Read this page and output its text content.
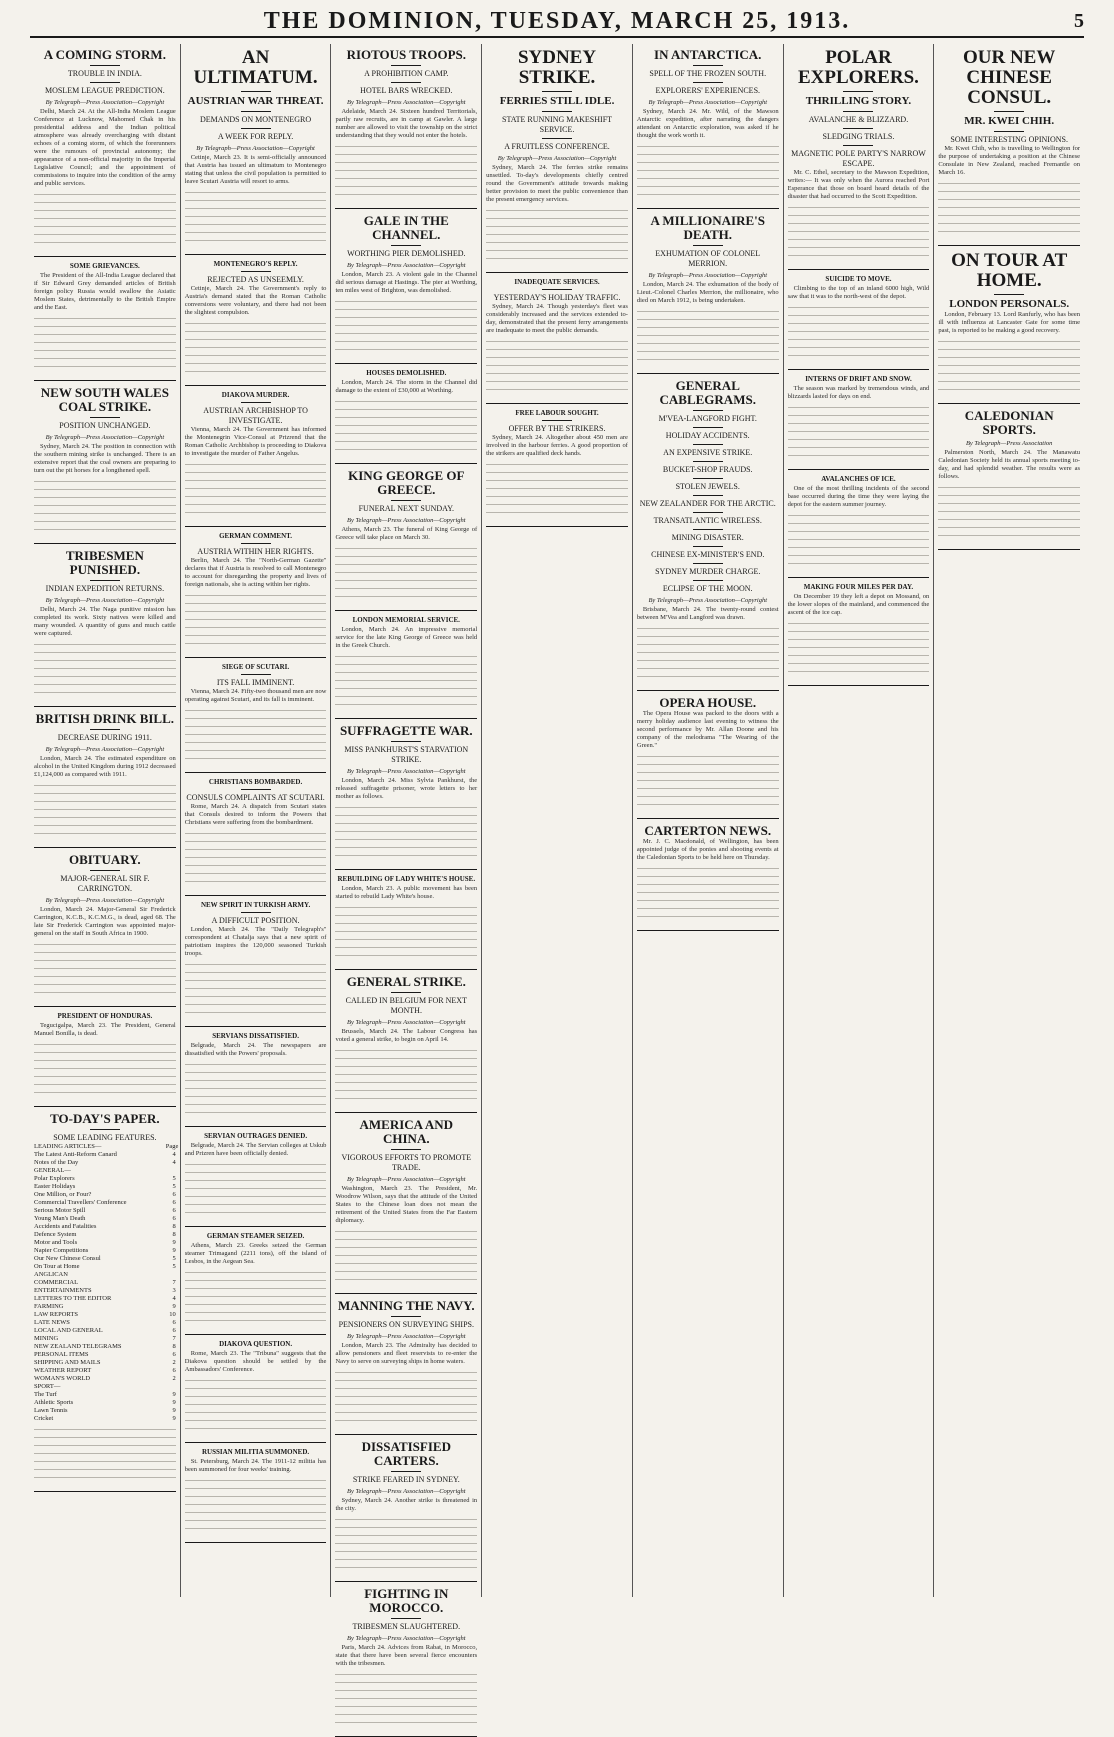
THE DOMINION, TUESDAY, MARCH 25, 1913.	5
A COMING STORM.
TROUBLE IN INDIA.
MOSLEM LEAGUE PREDICTION.
By Telegraph—Press Association—Copyright

Delhi, March 24. At the All-India Moslem League Conference at Lucknow, Mahomed Chak in his presidential address and the Indian political atmosphere was already overcharging with distant echoes of a coming storm, of which the forerunners were the rumours of provincial autonomy; the appearance of a non-official majority in the Imperial Legislative Council; and the appointment of commissions to inquire into the condition of the army and public services.

SOME GRIEVANCES.

The President of the All-India League declared that if Sir Edward Grey demanded articles of British foreign policy Russia would swallow the Asiatic Moslem States, detrimentally to the British Empire and the East.

NEW SOUTH WALES COAL STRIKE.
POSITION UNCHANGED.
By Telegraph—Press Association—Copyright

Sydney, March 24. The position in connection with the southern mining strike is unchanged. There is an extensive report that the coal owners are preparing to turn out the pit horses for a longthened spell.

TRIBESMEN PUNISHED.
INDIAN EXPEDITION RETURNS.
By Telegraph—Press Association—Copyright

Delhi, March 24. The Naga punitive mission has completed its work. Sixty natives were killed and many wounded. A quantity of guns and much cattle were captured.

BRITISH DRINK BILL.
DECREASE DURING 1911.
By Telegraph—Press Association—Copyright

London, March 24. The estimated expenditure on alcohol in the United Kingdom during 1912 decreased £1,124,000 as compared with 1911.

OBITUARY.
MAJOR-GENERAL SIR F. CARRINGTON.
By Telegraph—Press Association—Copyright

London, March 24. Major-General Sir Frederick Carrington, K.C.B., K.C.M.G., is dead, aged 68. The late Sir Frederick Carrington was appointed major-general on the staff in South Africa in 1900.

PRESIDENT OF HONDURAS.

Tegucigalpa, March 23. The President, General Manuel Bonilla, is dead.

TO-DAY'S PAPER.
SOME LEADING FEATURES.
LEADING ARTICLES—	Page
The Latest Anti-Reform Canard	4
Notes of the Day	4
GENERAL—
Polar Explorers	5
Easter Holidays	5
One Million, or Four?	6
Commercial Travellers' Conference	6
Serious Motor Spill	6
Young Man's Death	6
Accidents and Fatalities	8
Defence System	8
Motor and Tools	9
Napier Competitions	9
Our New Chinese Consul	5
On Tour at Home	5
ANGLICAN
COMMERCIAL	7
ENTERTAINMENTS	3
LETTERS TO THE EDITOR	4
FARMING	9
LAW REPORTS	10
LATE NEWS	6
LOCAL AND GENERAL	6
MINING	7
NEW ZEALAND TELEGRAMS	8
PERSONAL ITEMS	6
SHIPPING AND MAILS	2
WEATHER REPORT	6
WOMAN'S WORLD	2
SPORT—
The Turf	9
Athletic Sports	9
Lawn Tennis	9
Cricket	9
AN ULTIMATUM.
AUSTRIAN WAR THREAT.
DEMANDS ON MONTENEGRO
A WEEK FOR REPLY.
By Telegraph—Press Association—Copyright

Cetinje, March 23. It is semi-officially announced that Austria has issued an ultimatum to Montenegro stating that unless the civil population is permitted to leave Scutari Austria will resort to arms.

MONTENEGRO'S REPLY.
REJECTED AS UNSEEMLY.

Cetinje, March 24. The Government's reply to Austria's demand stated that the Roman Catholic conversions were voluntary, and there had not been the slightest compulsion.

DIAKOVA MURDER.
AUSTRIAN ARCHBISHOP TO INVESTIGATE.

Vienna, March 24. The Government has informed the Montenegrin Vice-Consul at Prizrend that the Roman Catholic Archbishop is proceeding to Diakova to investigate the murder of Father Angelus.

GERMAN COMMENT.
AUSTRIA WITHIN HER RIGHTS.

Berlin, March 24. The "North-German Gazette" declares that if Austria is resolved to call Montenegro to account for disregarding the property and lives of foreign nationals, she is acting within her rights.

SIEGE OF SCUTARI.
ITS FALL IMMINENT.

Vienna, March 24. Fifty-two thousand men are now operating against Scutari, and its fall is imminent.

CHRISTIANS BOMBARDED.
CONSULS COMPLAINTS AT SCUTARI.

Rome, March 24. A dispatch from Scutari states that Consuls desired to inform the Powers that Christians were suffering from the bombardment.

NEW SPIRIT IN TURKISH ARMY.
A DIFFICULT POSITION.

London, March 24. The "Daily Telegraph's" correspondent at Chatalja says that a new spirit of patriotism inspires the 120,000 seasoned Turkish troops.

SERVIANS DISSATISFIED.

Belgrade, March 24. The newspapers are dissatisfied with the Powers' proposals.

SERVIAN OUTRAGES DENIED.

Belgrade, March 24. The Servian colleges at Uskub and Prizren have been officially denied.

GERMAN STEAMER SEIZED.

Athens, March 23. Greeks seized the German steamer Trimagand (2211 tons), off the island of Lesbos, in the Aegean Sea.

DIAKOVA QUESTION.

Rome, March 23. The "Tribuna" suggests that the Diakova question should be settled by the Ambassadors' Conference.

RUSSIAN MILITIA SUMMONED.

St. Petersburg, March 24. The 1911-12 militia has been summoned for four weeks' training.

RIOTOUS TROOPS.
A PROHIBITION CAMP.
HOTEL BARS WRECKED.
By Telegraph—Press Association—Copyright

Adelaide, March 24. Sixteen hundred Territorials, partly raw recruits, are in camp at Gawler. A large number are allowed to visit the township on the strict understanding that they would not enter the hotels.

GALE IN THE CHANNEL.
WORTHING PIER DEMOLISHED.
By Telegraph—Press Association—Copyright

London, March 23. A violent gale in the Channel did serious damage at Hastings. The pier at Worthing, ten miles west of Brighton, was demolished.

HOUSES DEMOLISHED.

London, March 24. The storm in the Channel did damage to the extent of £30,000 at Worthing.

KING GEORGE OF GREECE.
FUNERAL NEXT SUNDAY.
By Telegraph—Press Association—Copyright

Athens, March 23. The funeral of King George of Greece will take place on March 30.

LONDON MEMORIAL SERVICE.

London, March 24. An impressive memorial service for the late King George of Greece was held in the Greek Church.

SUFFRAGETTE WAR.
MISS PANKHURST'S STARVATION STRIKE.
By Telegraph—Press Association—Copyright

London, March 24. Miss Sylvia Pankhurst, the released suffragette prisoner, wrote letters to her mother as follows.

REBUILDING OF LADY WHITE'S HOUSE.

London, March 23. A public movement has been started to rebuild Lady White's house.

GENERAL STRIKE.
CALLED IN BELGIUM FOR NEXT MONTH.
By Telegraph—Press Association—Copyright

Brussels, March 24. The Labour Congress has voted a general strike, to begin on April 14.

AMERICA AND CHINA.
VIGOROUS EFFORTS TO PROMOTE TRADE.
By Telegraph—Press Association—Copyright

Washington, March 23. The President, Mr. Woodrow Wilson, says that the attitude of the United States to the Chinese loan does not mean the retirement of the United States from the Far Eastern diplomacy.

MANNING THE NAVY.
PENSIONERS ON SURVEYING SHIPS.
By Telegraph—Press Association—Copyright

London, March 23. The Admiralty has decided to allow pensioners and fleet reservists to re-enter the Navy to serve on surveying ships in home waters.

DISSATISFIED CARTERS.
STRIKE FEARED IN SYDNEY.
By Telegraph—Press Association—Copyright

Sydney, March 24. Another strike is threatened in the city.

FIGHTING IN MOROCCO.
TRIBESMEN SLAUGHTERED.
By Telegraph—Press Association—Copyright

Paris, March 24. Advices from Rabat, in Morocco, state that there have been several fierce encounters with the tribesmen.

SYDNEY STRIKE.
FERRIES STILL IDLE.
STATE RUNNING MAKESHIFT SERVICE.
A FRUITLESS CONFERENCE.
By Telegraph—Press Association—Copyright

Sydney, March 24. The ferries strike remains unsettled. To-day's developments chiefly centred round the Government's attitude towards making better provision to meet the public convenience than the present emergency services.

INADEQUATE SERVICES.
YESTERDAY'S HOLIDAY TRAFFIC.

Sydney, March 24. Though yesterday's fleet was considerably increased and the services extended to-day, demonstrated that the present ferry arrangements are inadequate to meet the public demands.

FREE LABOUR SOUGHT.
OFFER BY THE STRIKERS.

Sydney, March 24. Altogether about 450 men are involved in the harbour ferries. A good proportion of the strikers are qualified deck hands.

IN ANTARCTICA.
SPELL OF THE FROZEN SOUTH.
EXPLORERS' EXPERIENCES.
By Telegraph—Press Association—Copyright

Sydney, March 24. Mr. Wild, of the Mawson Antarctic expedition, after narrating the dangers attendant on Antarctic exploration, was asked if he thought the work worth it.

A MILLIONAIRE'S DEATH.
EXHUMATION OF COLONEL MERRION.
By Telegraph—Press Association—Copyright

London, March 24. The exhumation of the body of Lieut.-Colonel Charles Merrion, the millionaire, who died on March 1912, is being undertaken.

GENERAL CABLEGRAMS.
M'VEA-LANGFORD FIGHT.
HOLIDAY ACCIDENTS.
AN EXPENSIVE STRIKE.
BUCKET-SHOP FRAUDS.
STOLEN JEWELS.
NEW ZEALANDER FOR THE ARCTIC.
TRANSATLANTIC WIRELESS.
MINING DISASTER.
CHINESE EX-MINISTER'S END.
SYDNEY MURDER CHARGE.
ECLIPSE OF THE MOON.
By Telegraph—Press Association—Copyright

Brisbane, March 24. The twenty-round contest between M'Vea and Langford was drawn.

OPERA HOUSE.

The Opera House was packed to the doors with a merry holiday audience last evening to witness the second performance by Mr. Allan Doone and his company of the melodrama "The Wearing of the Green."

CARTERTON NEWS.

Mr. J. C. Macdonald, of Wellington, has been appointed judge of the ponies and shooting events at the Caledonian Sports to be held here on Thursday.

POLAR EXPLORERS.
THRILLING STORY.
AVALANCHE & BLIZZARD.
SLEDGING TRIALS.
MAGNETIC POLE PARTY'S NARROW ESCAPE.

Mr. C. Ethel, secretary to the Mawson Expedition, writes:— It was only when the Aurora reached Port Esperance that those on board heard details of the disaster that had occurred to the Scott Expedition.

SUICIDE TO MOVE.

Climbing to the top of an inland 6000 high, Wild saw that it was to the north-west of the depot.

INTERNS OF DRIFT AND SNOW.

The season was marked by tremendous winds, and blizzards lasted for days on end.

AVALANCHES OF ICE.

One of the most thrilling incidents of the second base occurred during the time they were laying the depot for the eastern summer journey.

MAKING FOUR MILES PER DAY.

On December 19 they left a depot on Mossand, on the lower slopes of the mainland, and commenced the ascent of the ice cap.

OUR NEW CHINESE CONSUL.
MR. KWEI CHIH.
SOME INTERESTING OPINIONS.

Mr. Kwei Chih, who is travelling to Wellington for the purpose of undertaking a position at the Chinese Consulate in New Zealand, reached Fremantle on March 16.

ON TOUR AT HOME.
LONDON PERSONALS.

London, February 13. Lord Ranfurly, who has been ill with influenza at Lancaster Gate for some time past, is reported to be making a good recovery.

CALEDONIAN SPORTS.
By Telegraph—Press Association

Palmerston North, March 24. The Manawatu Caledonian Society held its annual sports meeting to-day, and had splendid weather. The results were as follows.
